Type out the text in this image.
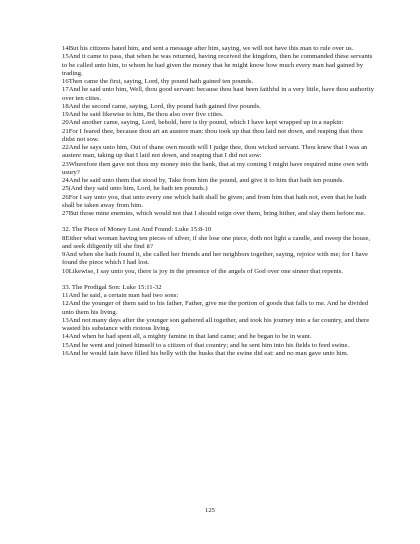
14But his citizens hated him, and sent a message after him, saying, we will not have this man to rule over us.

15And it came to pass, that when he was returned, having received the kingdom, then he commanded these servants to be called unto him, to whom he had given the money that he might know how much every man had gained by trading.

16Then came the first, saying, Lord, thy pound hath gained ten pounds.

17And he said unto him, Well, thou good servant: because thou hast been faithful in a very little, have thou authority over ten cities.

18And the second came, saying, Lord, thy pound hath gained five pounds.

19And he said likewise to him, Be thou also over five cities.

20And another came, saying, Lord, behold, here is thy pound, which I have kept wrapped up in a napkin:

21For I feared thee, because thou art an austere man: thou took up that thou laid not down, and reaping that thou didst not sow.

22And he says unto him, Out of thane own mouth will I judge thee, thou wicked servant. Thou knew that I was an austere man, taking up that I laid not down, and reaping that I did not sow:

23Wherefore then gave not thou my money into the bank, that at my coming I might have required mine own with usury?

24And he said unto them that stood by, Take from him the pound, and give it to him that hath ten pounds.

25(And they said unto him, Lord, he hath ten pounds.)

26For I say unto you, that unto every one which hath shall be given; and from him that hath not, even that he hath shall be taken away from him.

27But those mine enemies, which would not that I should reign over them, bring hither, and slay them before me.

32. The Piece of Money Lost And Found: Luke 15:8-10

8Either what woman having ten pieces of silver, if she lose one piece, doth not light a candle, and sweep the house, and seek diligently till she find it?

9And when she hath found it, she called her friends and her neighbors together, saying, rejoice with me; for I have found the piece which I had lost.

10Likewise, I say unto you, there is joy in the presence of the angels of God over one sinner that repents.

33. The Prodigal Son: Luke 15:11-32

11And he said, a certain man had two sons:

12And the younger of them said to his father, Father, give me the portion of goods that falls to me. And he divided unto them his living.

13And not many days after the younger son gathered all together, and took his journey into a far country, and there wasted his substance with riotous living.

14And when he had spent all, a mighty famine in that land came; and he began to be in want.

15And he went and joined himself to a citizen of that country; and he sent him into his fields to feed swine.

16And he would fain have filled his belly with the husks that the swine did eat: and no man gave unto him.

125
